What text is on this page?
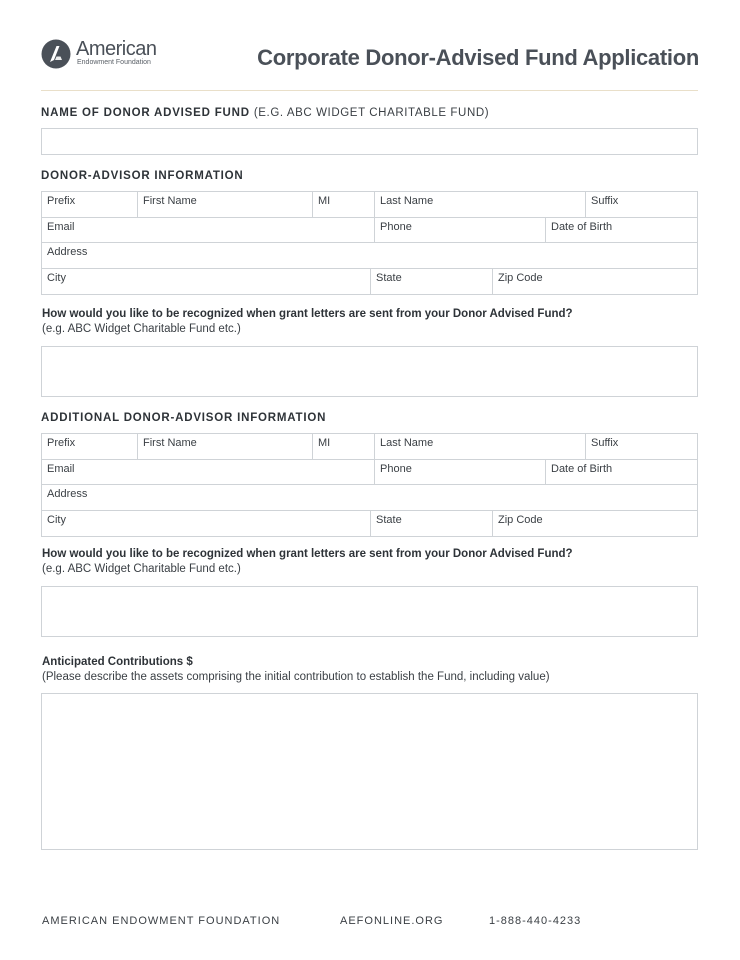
American
Endowment Foundation	Corporate Donor-Advised Fund Application
NAME OF DONOR ADVISED FUND (E.G. ABC WIDGET CHARITABLE FUND)
DONOR-ADVISOR INFORMATION
Prefix	First Name	MI	Last Name	Suffix
Email	Phone	Date of Birth
Address
City	State	Zip Code
How would you like to be recognized when grant letters are sent from your Donor Advised Fund?
(e.g. ABC Widget Charitable Fund etc.)
ADDITIONAL DONOR-ADVISOR INFORMATION
Prefix	First Name	MI	Last Name	Suffix
Email	Phone	Date of Birth
Address
City	State	Zip Code
How would you like to be recognized when grant letters are sent from your Donor Advised Fund?
(e.g. ABC Widget Charitable Fund etc.)
Anticipated Contributions $
(Please describe the assets comprising the initial contribution to establish the Fund, including value)
AMERICAN ENDOWMENT FOUNDATION	AEFONLINE.ORG	1-888-440-4233
